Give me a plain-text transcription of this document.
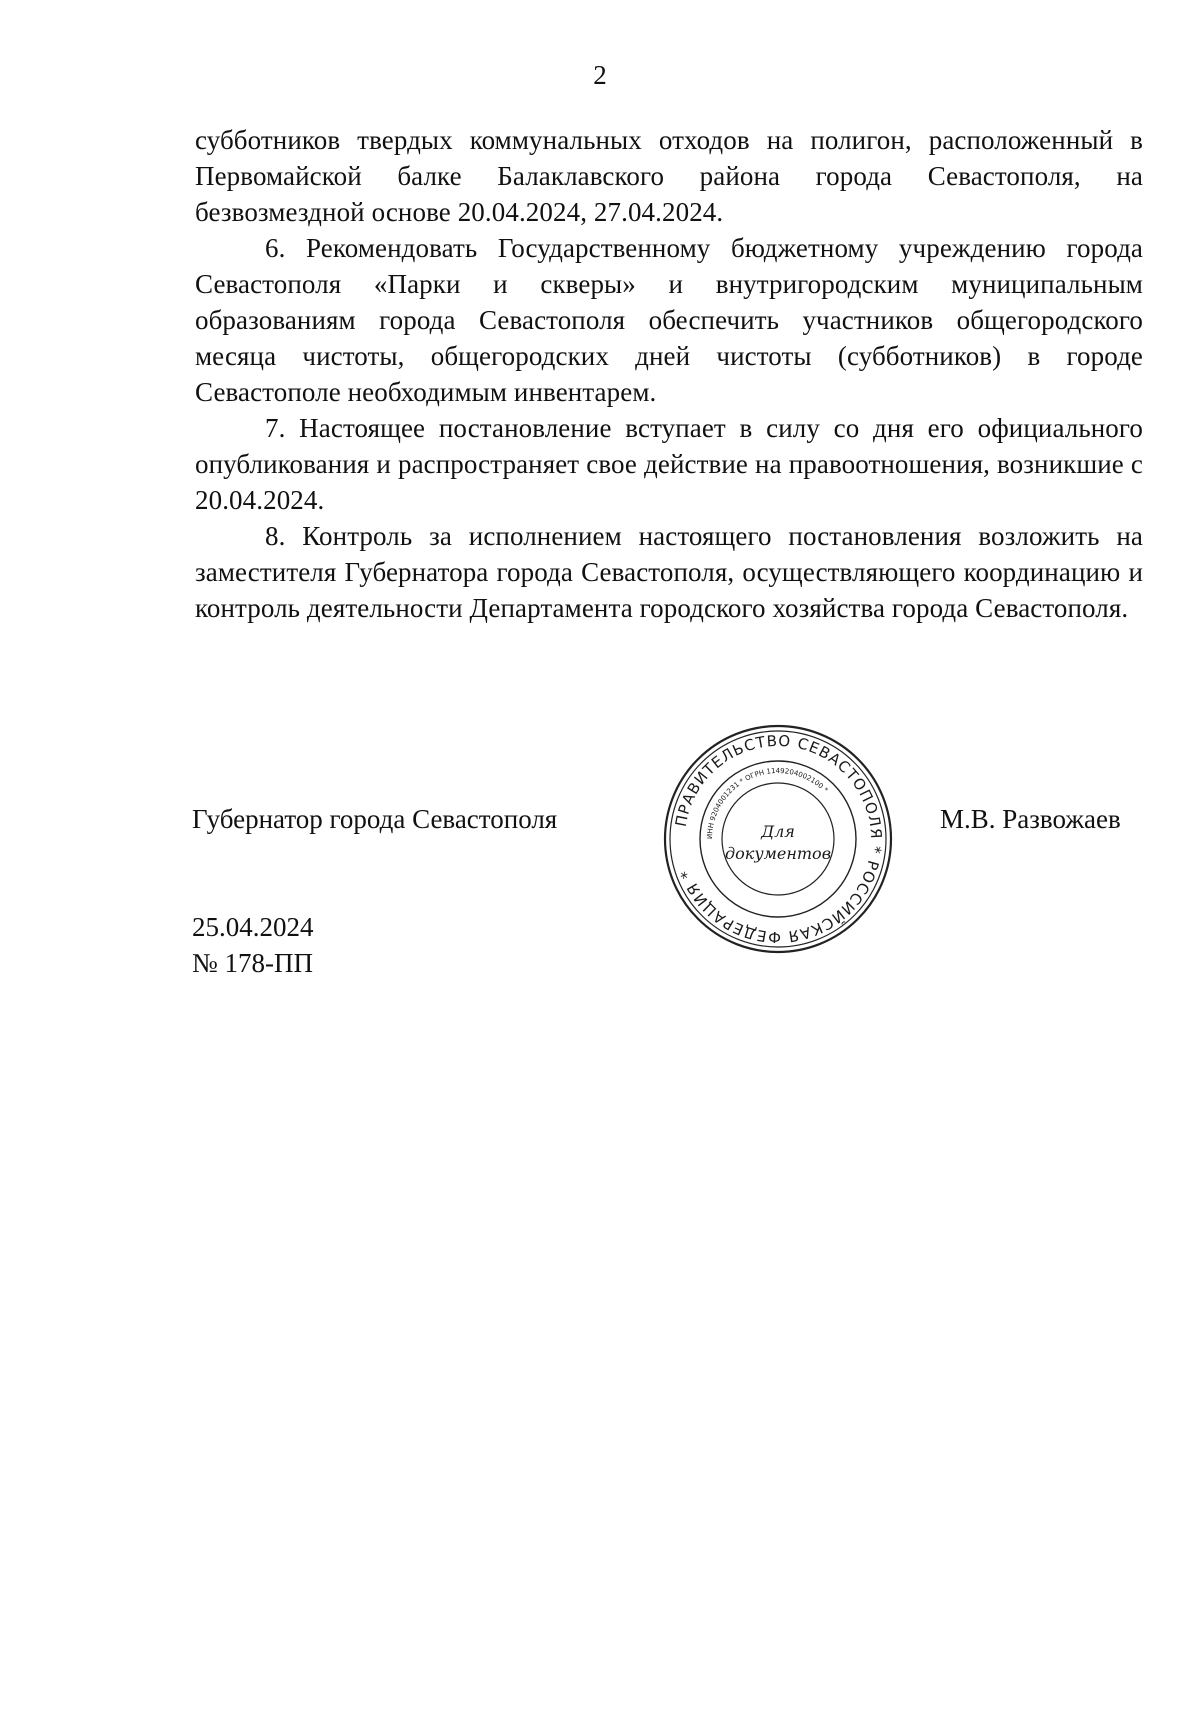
2

субботников твердых коммунальных отходов на полигон, расположенный в Первомайской балке Балаклавского района города Севастополя, на безвозмездной основе 20.04.2024, 27.04.2024.

6. Рекомендовать Государственному бюджетному учреждению города Севастополя «Парки и скверы» и внутригородским муниципальным образованиям города Севастополя обеспечить участников общегородского месяца чистоты, общегородских дней чистоты (субботников) в городе Севастополе необходимым инвентарем.

7. Настоящее постановление вступает в силу со дня его официального опубликования и распространяет свое действие на правоотношения, возникшие с 20.04.2024.

8. Контроль за исполнением настоящего постановления возложить на заместителя Губернатора города Севастополя, осуществляющего координацию и контроль деятельности Департамента городского хозяйства города Севастополя.

Губернатор города Севастополя	ПРАВИТЕЛЬСТВО СЕВАСТОПОЛЯ * РОССИЙСКАЯ ФЕДЕРАЦИЯ *
ИНН 9204001231 * ОГРН 1149204002100 *
Для
документов
М.В. Развожаев
25.04.2024
№ 178-ПП
